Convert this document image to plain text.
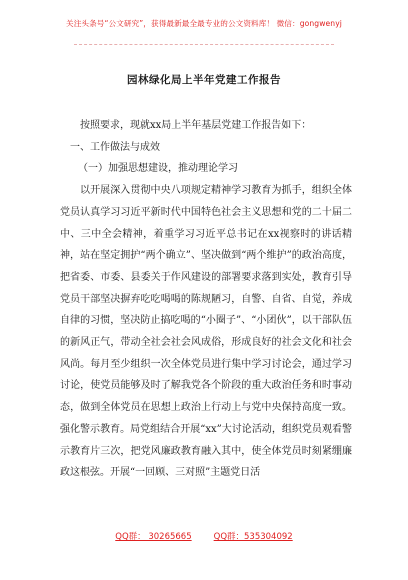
关注头条号“公文研究”，获得最新最全最专业的公文资料库！ 微信：gongwenyj
园林绿化局上半年党建工作报告

按照要求，现就xx局上半年基层党建工作报告如下：

一、工作做法与成效

（一）加强思想建设，推动理论学习

以开展深入贯彻中央八项规定精神学习教育为抓手，组织全体党员认真学习习近平新时代中国特色社会主义思想和党的二十届二中、三中全会精神，着重学习习近平总书记在xx视察时的讲话精神，站在坚定拥护“两个确立”、坚决做到“两个维护”的政治高度，把省委、市委、县委关于作风建设的部署要求落到实处，教育引导党员干部坚决摒弃吃吃喝喝的陈规陋习，自警、自省、自觉，养成自律的习惯，坚决防止搞吃喝的“小圈子”、“小团伙”，以干部队伍的新风正气，带动全社会社会风成俗，形成良好的社会文化和社会风尚。每月至少组织一次全体党员进行集中学习讨论会，通过学习讨论，使党员能够及时了解我党各个阶段的重大政治任务和时事动态，做到全体党员在思想上政治上行动上与党中央保持高度一致。强化警示教育。局党组结合开展“xx”大讨论活动，组织党员观看警示教育片三次，把党风廉政教育融入其中，使全体党员时刻紧绷廉政这根弦。开展“一回顾、三对照”主题党日活

QQ群： 30265665	QQ群：535304092
